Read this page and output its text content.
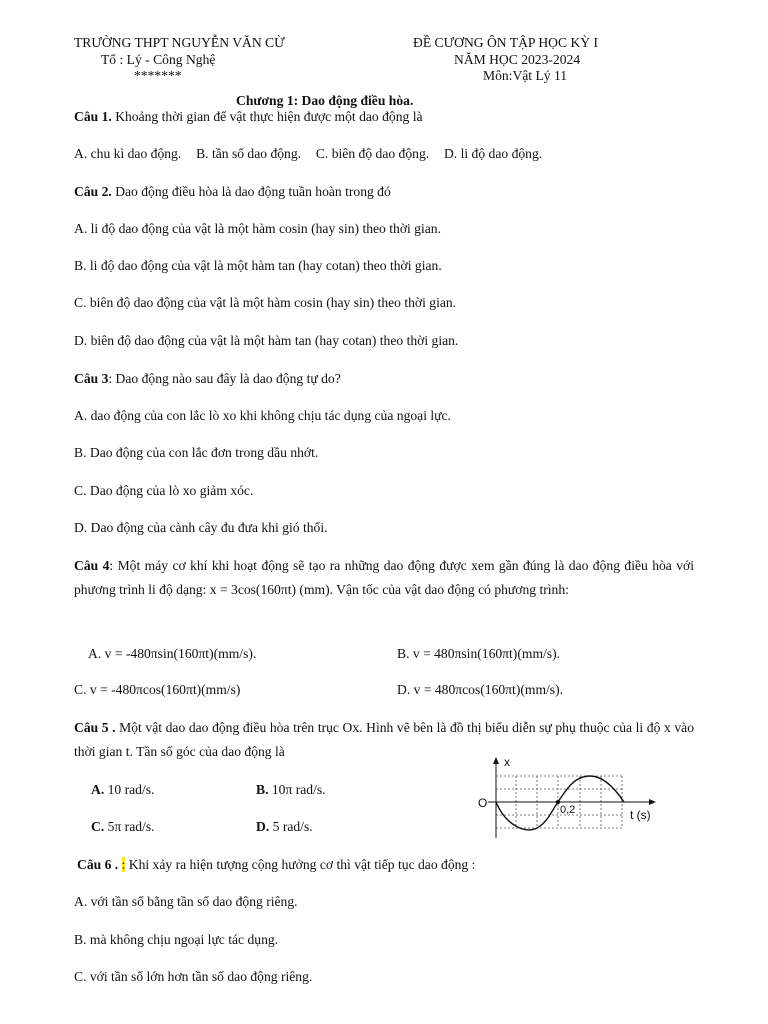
TRƯỜNG THPT NGUYỄN VĂN CỪ
Tổ : Lý - Công Nghệ
*******
ĐỀ CƯƠNG ÔN TẬP HỌC KỲ I
NĂM HỌC 2023-2024
Môn:Vật Lý 11
Chương 1: Dao động điều hòa.
Câu 1. Khoảng thời gian để vật thực hiện được một dao động là
A. chu kì dao động. B. tần số dao động. C. biên độ dao động. D. li độ dao động.
Câu 2. Dao động điều hòa là dao động tuần hoàn trong đó
A. li độ dao động của vật là một hàm cosin (hay sin) theo thời gian.
B. li độ dao động của vật là một hàm tan (hay cotan) theo thời gian.
C. biên độ dao động của vật là một hàm cosin (hay sin) theo thời gian.
D. biên độ dao động của vật là một hàm tan (hay cotan) theo thời gian.
Câu 3: Dao động nào sau đây là dao động tự do?
A. dao động của con lắc lò xo khi không chịu tác dụng của ngoại lực.
B. Dao động của con lắc đơn trong dầu nhớt.
C. Dao động của lò xo giảm xóc.
D. Dao động của cành cây đu đưa khi gió thổi.
Câu 4: Một máy cơ khí khi hoạt động sẽ tạo ra những dao động được xem gần đúng là dao động điều hòa với phương trình li độ dạng: x = 3cos(160πt) (mm). Vận tốc của vật dao động có phương trình:
A. v = -480πsin(160πt)(mm/s).	B. v = 480πsin(160πt)(mm/s).
C. v = -480πcos(160πt)(mm/s)	D. v = 480πcos(160πt)(mm/s).
Câu 5 . Một vật dao dao động điều hòa trên trục Ox. Hình vẽ bên là đồ thị biểu diễn sự phụ thuộc của li độ x vào thời gian t. Tần số góc của dao động là
A. 10 rad/s.	B. 10π rad/s.
C. 5π rad/s.	D. 5 rad/s.
x
O	0,2	t (s)
Câu 6 . : Khi xảy ra hiện tượng cộng hưởng cơ thì vật tiếp tục dao động :
A. với tần số bằng tần số dao động riêng.
B. mà không chịu ngoại lực tác dụng.
C. với tần số lớn hơn tần số dao động riêng.
